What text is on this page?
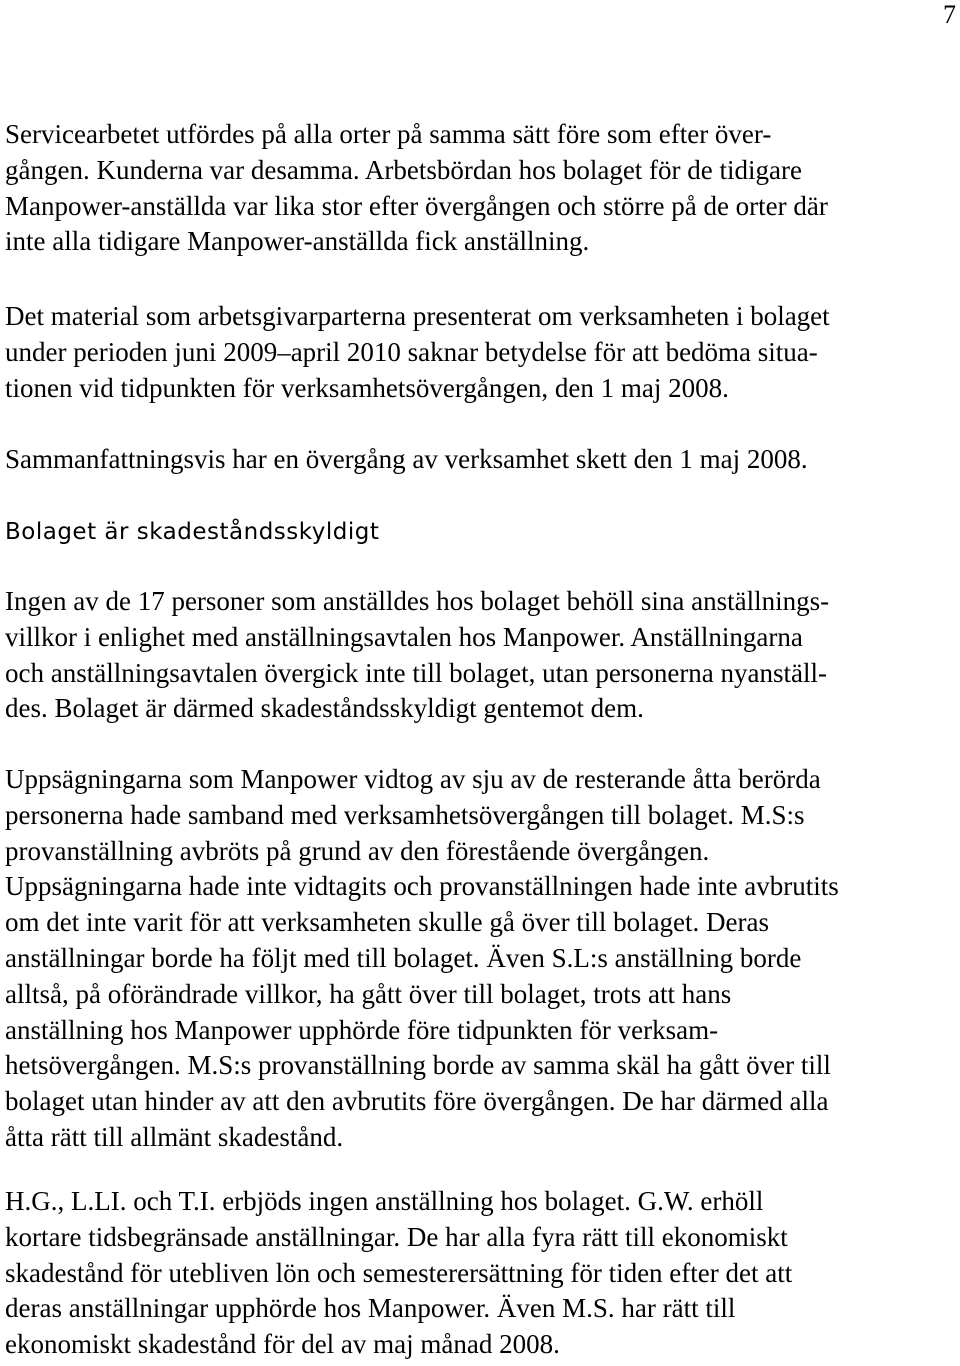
7

Servicearbetet utfördes på alla orter på samma sätt före som efter över-
gången. Kunderna var desamma. Arbetsbördan hos bolaget för de tidigare
Manpower-anställda var lika stor efter övergången och större på de orter där
inte alla tidigare Manpower-anställda fick anställning.

Det material som arbetsgivarparterna presenterat om verksamheten i bolaget
under perioden juni 2009–april 2010 saknar betydelse för att bedöma situa-
tionen vid tidpunkten för verksamhetsövergången, den 1 maj 2008.

Sammanfattningsvis har en övergång av verksamhet skett den 1 maj 2008.

Bolaget är skadeståndsskyldigt

Ingen av de 17 personer som anställdes hos bolaget behöll sina anställnings-
villkor i enlighet med anställningsavtalen hos Manpower. Anställningarna
och anställningsavtalen övergick inte till bolaget, utan personerna nyanställ-
des. Bolaget är därmed skadeståndsskyldigt gentemot dem.

Uppsägningarna som Manpower vidtog av sju av de resterande åtta berörda
personerna hade samband med verksamhetsövergången till bolaget. M.S:s
provanställning avbröts på grund av den förestående övergången.
Uppsägningarna hade inte vidtagits och provanställningen hade inte avbrutits
om det inte varit för att verksamheten skulle gå över till bolaget. Deras
anställningar borde ha följt med till bolaget. Även S.L:s anställning borde
alltså, på oförändrade villkor, ha gått över till bolaget, trots att hans
anställning hos Manpower upphörde före tidpunkten för verksam-
hetsövergången. M.S:s provanställning borde av samma skäl ha gått över till
bolaget utan hinder av att den avbrutits före övergången. De har därmed alla
åtta rätt till allmänt skadestånd.

H.G., L.LI. och T.I. erbjöds ingen anställning hos bolaget. G.W. erhöll
kortare tidsbegränsade anställningar. De har alla fyra rätt till ekonomiskt
skadestånd för utebliven lön och semesterersättning för tiden efter det att
deras anställningar upphörde hos Manpower. Även M.S. har rätt till
ekonomiskt skadestånd för del av maj månad 2008.
